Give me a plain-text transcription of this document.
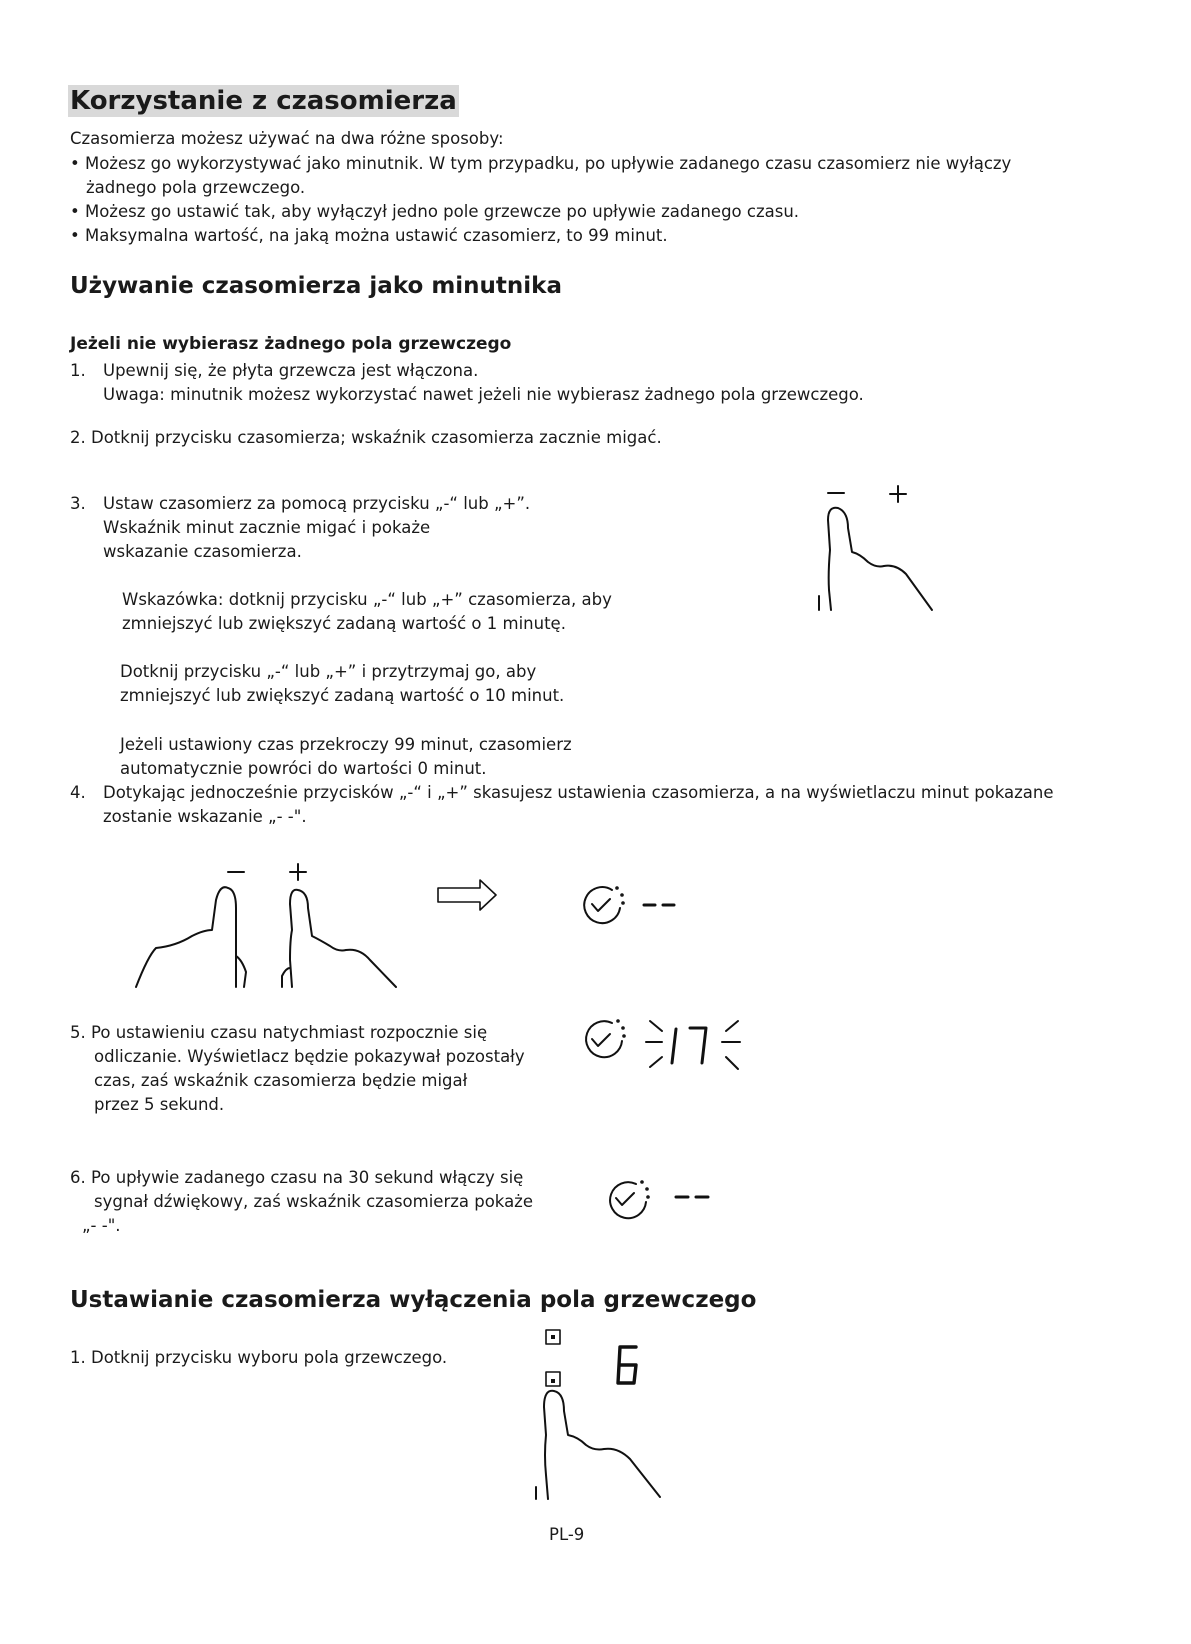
Korzystanie z czasomierza
Czasomierza możesz używać na dwa różne sposoby:
• Możesz go wykorzystywać jako minutnik. W tym przypadku, po upływie zadanego czasu czasomierz nie wyłączy
żadnego pola grzewczego.
• Możesz go ustawić tak, aby wyłączył jedno pole grzewcze po upływie zadanego czasu.
• Maksymalna wartość, na jaką można ustawić czasomierz, to 99 minut.
Używanie czasomierza jako minutnika
Jeżeli nie wybierasz żadnego pola grzewczego
1. Upewnij się, że płyta grzewcza jest włączona.
Uwaga: minutnik możesz wykorzystać nawet jeżeli nie wybierasz żadnego pola grzewczego.
2. Dotknij przycisku czasomierza; wskaźnik czasomierza zacznie migać.
3. Ustaw czasomierz za pomocą przycisku „-“ lub „+”.
Wskaźnik minut zacznie migać i pokaże
wskazanie czasomierza.
Wskazówka: dotknij przycisku „-“ lub „+” czasomierza, aby
zmniejszyć lub zwiększyć zadaną wartość o 1 minutę.
Dotknij przycisku „-“ lub „+” i przytrzymaj go, aby
zmniejszyć lub zwiększyć zadaną wartość o 10 minut.
Jeżeli ustawiony czas przekroczy 99 minut, czasomierz
automatycznie powróci do wartości 0 minut.
4. Dotykając jednocześnie przycisków „-“ i „+” skasujesz ustawienia czasomierza, a na wyświetlaczu minut pokazane
zostanie wskazanie „- -".
5. Po ustawieniu czasu natychmiast rozpocznie się
odliczanie. Wyświetlacz będzie pokazywał pozostały
czas, zaś wskaźnik czasomierza będzie migał
przez 5 sekund.
6. Po upływie zadanego czasu na 30 sekund włączy się
sygnał dźwiękowy, zaś wskaźnik czasomierza pokaże
„- -".
Ustawianie czasomierza wyłączenia pola grzewczego
1. Dotknij przycisku wyboru pola grzewczego.
PL-9
